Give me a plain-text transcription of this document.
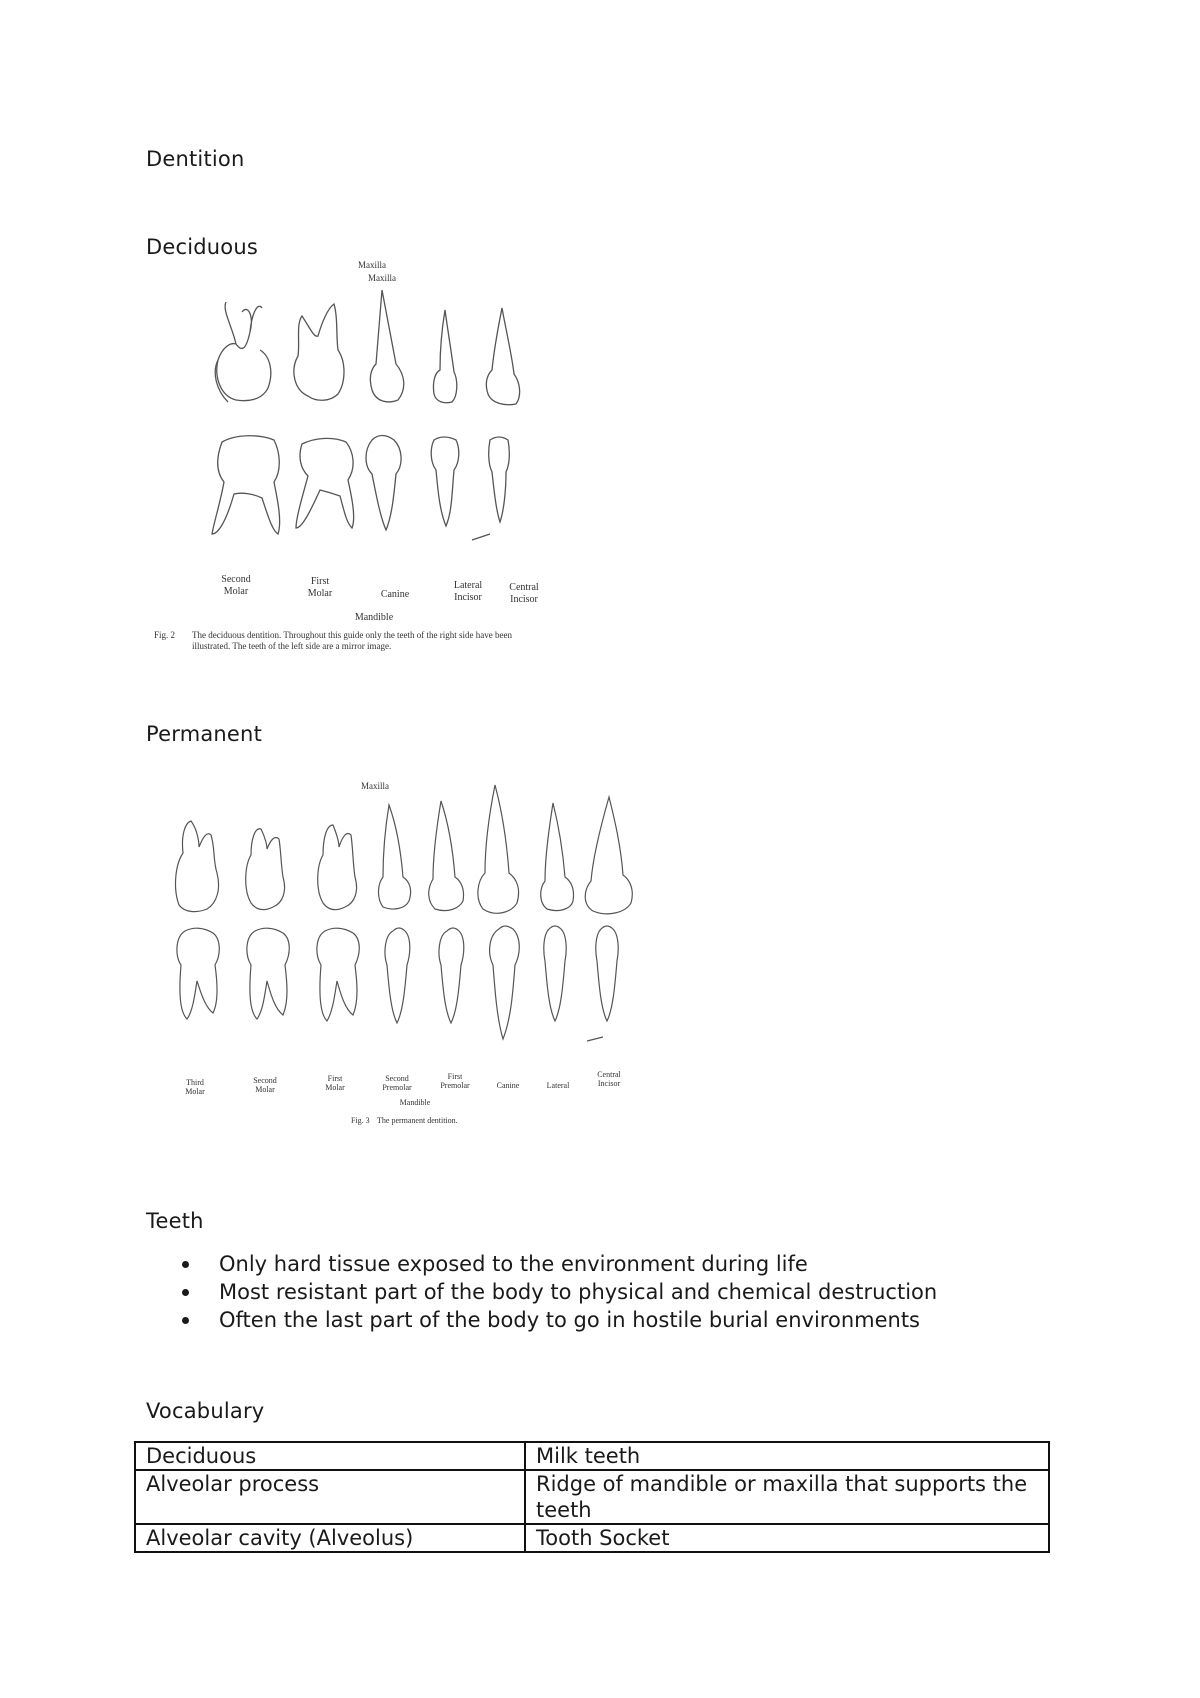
Dentition
Deciduous
Maxilla
Maxilla
Second
Molar
First
Molar	Canine
Lateral
Incisor
Central
Incisor
Mandible
Fig. 2 The deciduous dentition. Throughout this guide only the teeth of the right side have been
illustrated. The teeth of the left side are a mirror image.
Permanent
Maxilla
Third
Molar
Second
Molar
First
Molar
Second
Premolar
First
Premolar	Canine	Lateral
Central
Incisor
Mandible
Fig. 3 The permanent dentition.
Teeth
Only hard tissue exposed to the environment during life
Most resistant part of the body to physical and chemical destruction
Often the last part of the body to go in hostile burial environments
Vocabulary
Deciduous	Milk teeth
Alveolar process	Ridge of mandible or maxilla that supports the teeth
Alveolar cavity (Alveolus)	Tooth Socket
